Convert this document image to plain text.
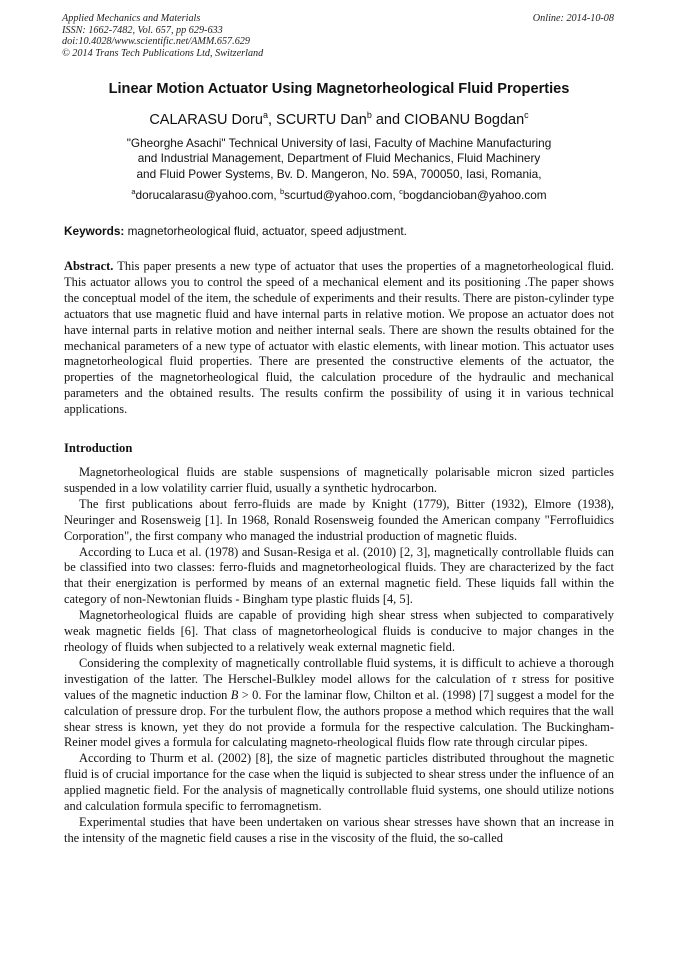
Applied Mechanics and Materials
ISSN: 1662-7482, Vol. 657, pp 629-633
doi:10.4028/www.scientific.net/AMM.657.629
© 2014 Trans Tech Publications Ltd, Switzerland
Online: 2014-10-08
Linear Motion Actuator Using Magnetorheological Fluid Properties
CALARASU Doru$^a$, SCURTU Dan$^b$ and CIOBANU Bogdan$^c$
"Gheorghe Asachi" Technical University of Iasi, Faculty of Machine Manufacturing
and Industrial Management, Department of Fluid Mechanics, Fluid Machinery
and Fluid Power Systems, Bv. D. Mangeron, No. 59A, 700050, Iasi, Romania,
$^a$dorucalarasu@yahoo.com, $^b$scurtud@yahoo.com, $^c$bogdancioban@yahoo.com
Keywords: magnetorheological fluid, actuator, speed adjustment.

Abstract. This paper presents a new type of actuator that uses the properties of a magnetorheological fluid. This actuator allows you to control the speed of a mechanical element and its positioning .The paper shows the conceptual model of the item, the schedule of experiments and their results. There are piston-cylinder type actuators that use magnetic fluid and have internal parts in relative motion. We propose an actuator does not have internal parts in relative motion and neither internal seals. There are shown the results obtained for the mechanical parameters of a new type of actuator with elastic elements, with linear motion. This actuator uses magnetorheological fluid properties. There are presented the constructive elements of the actuator, the properties of the magnetorheological fluid, the calculation procedure of the hydraulic and mechanical parameters and the obtained results. The results confirm the possibility of using it in various technical applications.

Introduction

Magnetorheological fluids are stable suspensions of magnetically polarisable micron sized particles suspended in a low volatility carrier fluid, usually a synthetic hydrocarbon.

The first publications about ferro-fluids are made by Knight (1779), Bitter (1932), Elmore (1938), Neuringer and Rosensweig [1]. In 1968, Ronald Rosensweig founded the American company "Ferrofluidics Corporation", the first company who managed the industrial production of magnetic fluids.

According to Luca et al. (1978) and Susan-Resiga et al. (2010) [2, 3], magnetically controllable fluids can be classified into two classes: ferro-fluids and magnetorheological fluids. They are characterized by the fact that their energization is performed by means of an external magnetic field. These liquids fall within the category of non-Newtonian fluids - Bingham type plastic fluids [4, 5].

Magnetorheological fluids are capable of providing high shear stress when subjected to comparatively weak magnetic fields [6]. That class of magnetorheological fluids is conducive to major changes in the rheology of fluids when subjected to a relatively weak external magnetic field.

Considering the complexity of magnetically controllable fluid systems, it is difficult to achieve a thorough investigation of the latter. The Herschel-Bulkley model allows for the calculation of τ stress for positive values of the magnetic induction B > 0. For the laminar flow, Chilton et al. (1998) [7] suggest a model for the calculation of pressure drop. For the turbulent flow, the authors propose a method which requires that the wall shear stress is known, yet they do not provide a formula for the respective calculation. The Buckingham-Reiner model gives a formula for calculating magneto-rheological fluids flow rate through circular pipes.

According to Thurm et al. (2002) [8], the size of magnetic particles distributed throughout the magnetic fluid is of crucial importance for the case when the liquid is subjected to shear stress under the influence of an applied magnetic field. For the analysis of magnetically controllable fluid systems, one should utilize notions and calculation formula specific to ferromagnetism.

Experimental studies that have been undertaken on various shear stresses have shown that an increase in the intensity of the magnetic field causes a rise in the viscosity of the fluid, the so-called
